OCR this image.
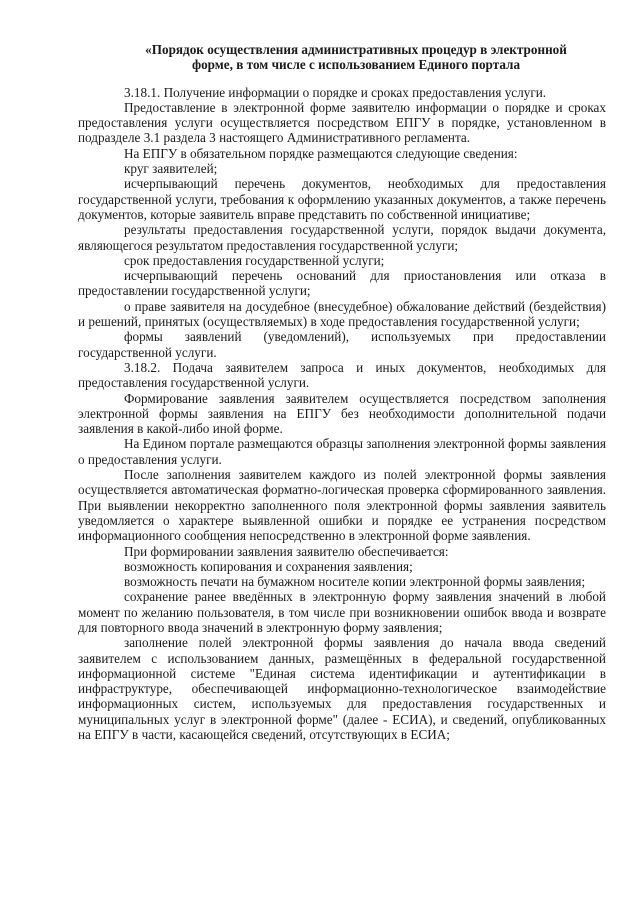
«Порядок осуществления административных процедур в электронной
форме, в том числе с использованием Единого портала

3.18.1. Получение информации о порядке и сроках предоставления услуги.

Предоставление в электронной форме заявителю информации о порядке и сроках предоставления услуги осуществляется посредством ЕПГУ в порядке, установленном в подразделе 3.1 раздела 3 настоящего Административного регламента.

На ЕПГУ в обязательном порядке размещаются следующие сведения:

круг заявителей;

исчерпывающий перечень документов, необходимых для предоставления государственной услуги, требования к оформлению указанных документов, а также перечень документов, которые заявитель вправе представить по собственной инициативе;

результаты предоставления государственной услуги, порядок выдачи документа, являющегося результатом предоставления государственной услуги;

срок предоставления государственной услуги;

исчерпывающий перечень оснований для приостановления или отказа в предоставлении государственной услуги;

о праве заявителя на досудебное (внесудебное) обжалование действий (бездействия) и решений, принятых (осуществляемых) в ходе предоставления государственной услуги;

формы заявлений (уведомлений), используемых при предоставлении государственной услуги.

3.18.2. Подача заявителем запроса и иных документов, необходимых для предоставления государственной услуги.

Формирование заявления заявителем осуществляется посредством заполнения электронной формы заявления на ЕПГУ без необходимости дополнительной подачи заявления в какой-либо иной форме.

На Едином портале размещаются образцы заполнения электронной формы заявления о предоставления услуги.

После заполнения заявителем каждого из полей электронной формы заявления осуществляется автоматическая форматно-логическая проверка сформированного заявления. При выявлении некорректно заполненного поля электронной формы заявления заявитель уведомляется о характере выявленной ошибки и порядке ее устранения посредством информационного сообщения непосредственно в электронной форме заявления.

При формировании заявления заявителю обеспечивается:

возможность копирования и сохранения заявления;

возможность печати на бумажном носителе копии электронной формы заявления;

сохранение ранее введённых в электронную форму заявления значений в любой момент по желанию пользователя, в том числе при возникновении ошибок ввода и возврате для повторного ввода значений в электронную форму заявления;

заполнение полей электронной формы заявления до начала ввода сведений заявителем с использованием данных, размещённых в федеральной государственной информационной системе "Единая система идентификации и аутентификации в инфраструктуре, обеспечивающей информационно-технологическое взаимодействие информационных систем, используемых для предоставления государственных и муниципальных услуг в электронной форме" (далее - ЕСИА), и сведений, опубликованных на ЕПГУ в части, касающейся сведений, отсутствующих в ЕСИА;
